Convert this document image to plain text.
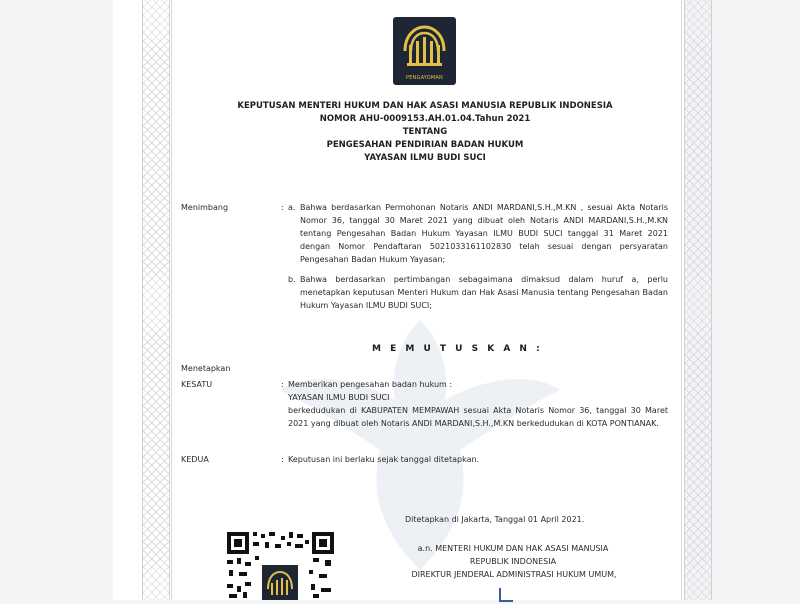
PENGAYOMAN
KEPUTUSAN MENTERI HUKUM DAN HAK ASASI MANUSIA REPUBLIK INDONESIA
NOMOR AHU-0009153.AH.01.04.Tahun 2021
TENTANG
PENGESAHAN PENDIRIAN BADAN HUKUM
YAYASAN ILMU BUDI SUCI
Menimbang	: a. Bahwa berdasarkan Permohonan Notaris ANDI MARDANI,S.H.,M.KN , sesuai Akta Notaris Nomor 36, tanggal 30 Maret 2021 yang dibuat oleh Notaris ANDI MARDANI,S.H.,M.KN tentang Pengesahan Badan Hukum Yayasan ILMU BUDI SUCI tanggal 31 Maret 2021 dengan Nomor Pendaftaran 5021033161102830 telah sesuai dengan persyaratan Pengesahan Badan Hukum Yayasan;
b. Bahwa berdasarkan pertimbangan sebagaimana dimaksud dalam huruf a, perlu menetapkan keputusan Menteri Hukum dan Hak Asasi Manusia tentang Pengesahan Badan Hukum Yayasan ILMU BUDI SUCI;
M E M U T U S K A N :
Menetapkan
KESATU	: Memberikan pengesahan badan hukum :
YAYASAN ILMU BUDI SUCI
berkedudukan di KABUPATEN MEMPAWAH sesuai Akta Notaris Nomor 36, tanggal 30 Maret 2021 yang dibuat oleh Notaris ANDI MARDANI,S.H.,M.KN berkedudukan di KOTA PONTIANAK.
KEDUA	: Keputusan ini berlaku sejak tanggal ditetapkan.
Ditetapkan di Jakarta, Tanggal 01 April 2021.
a.n. MENTERI HUKUM DAN HAK ASASI MANUSIA
REPUBLIK INDONESIA
DIREKTUR JENDERAL ADMINISTRASI HUKUM UMUM,
